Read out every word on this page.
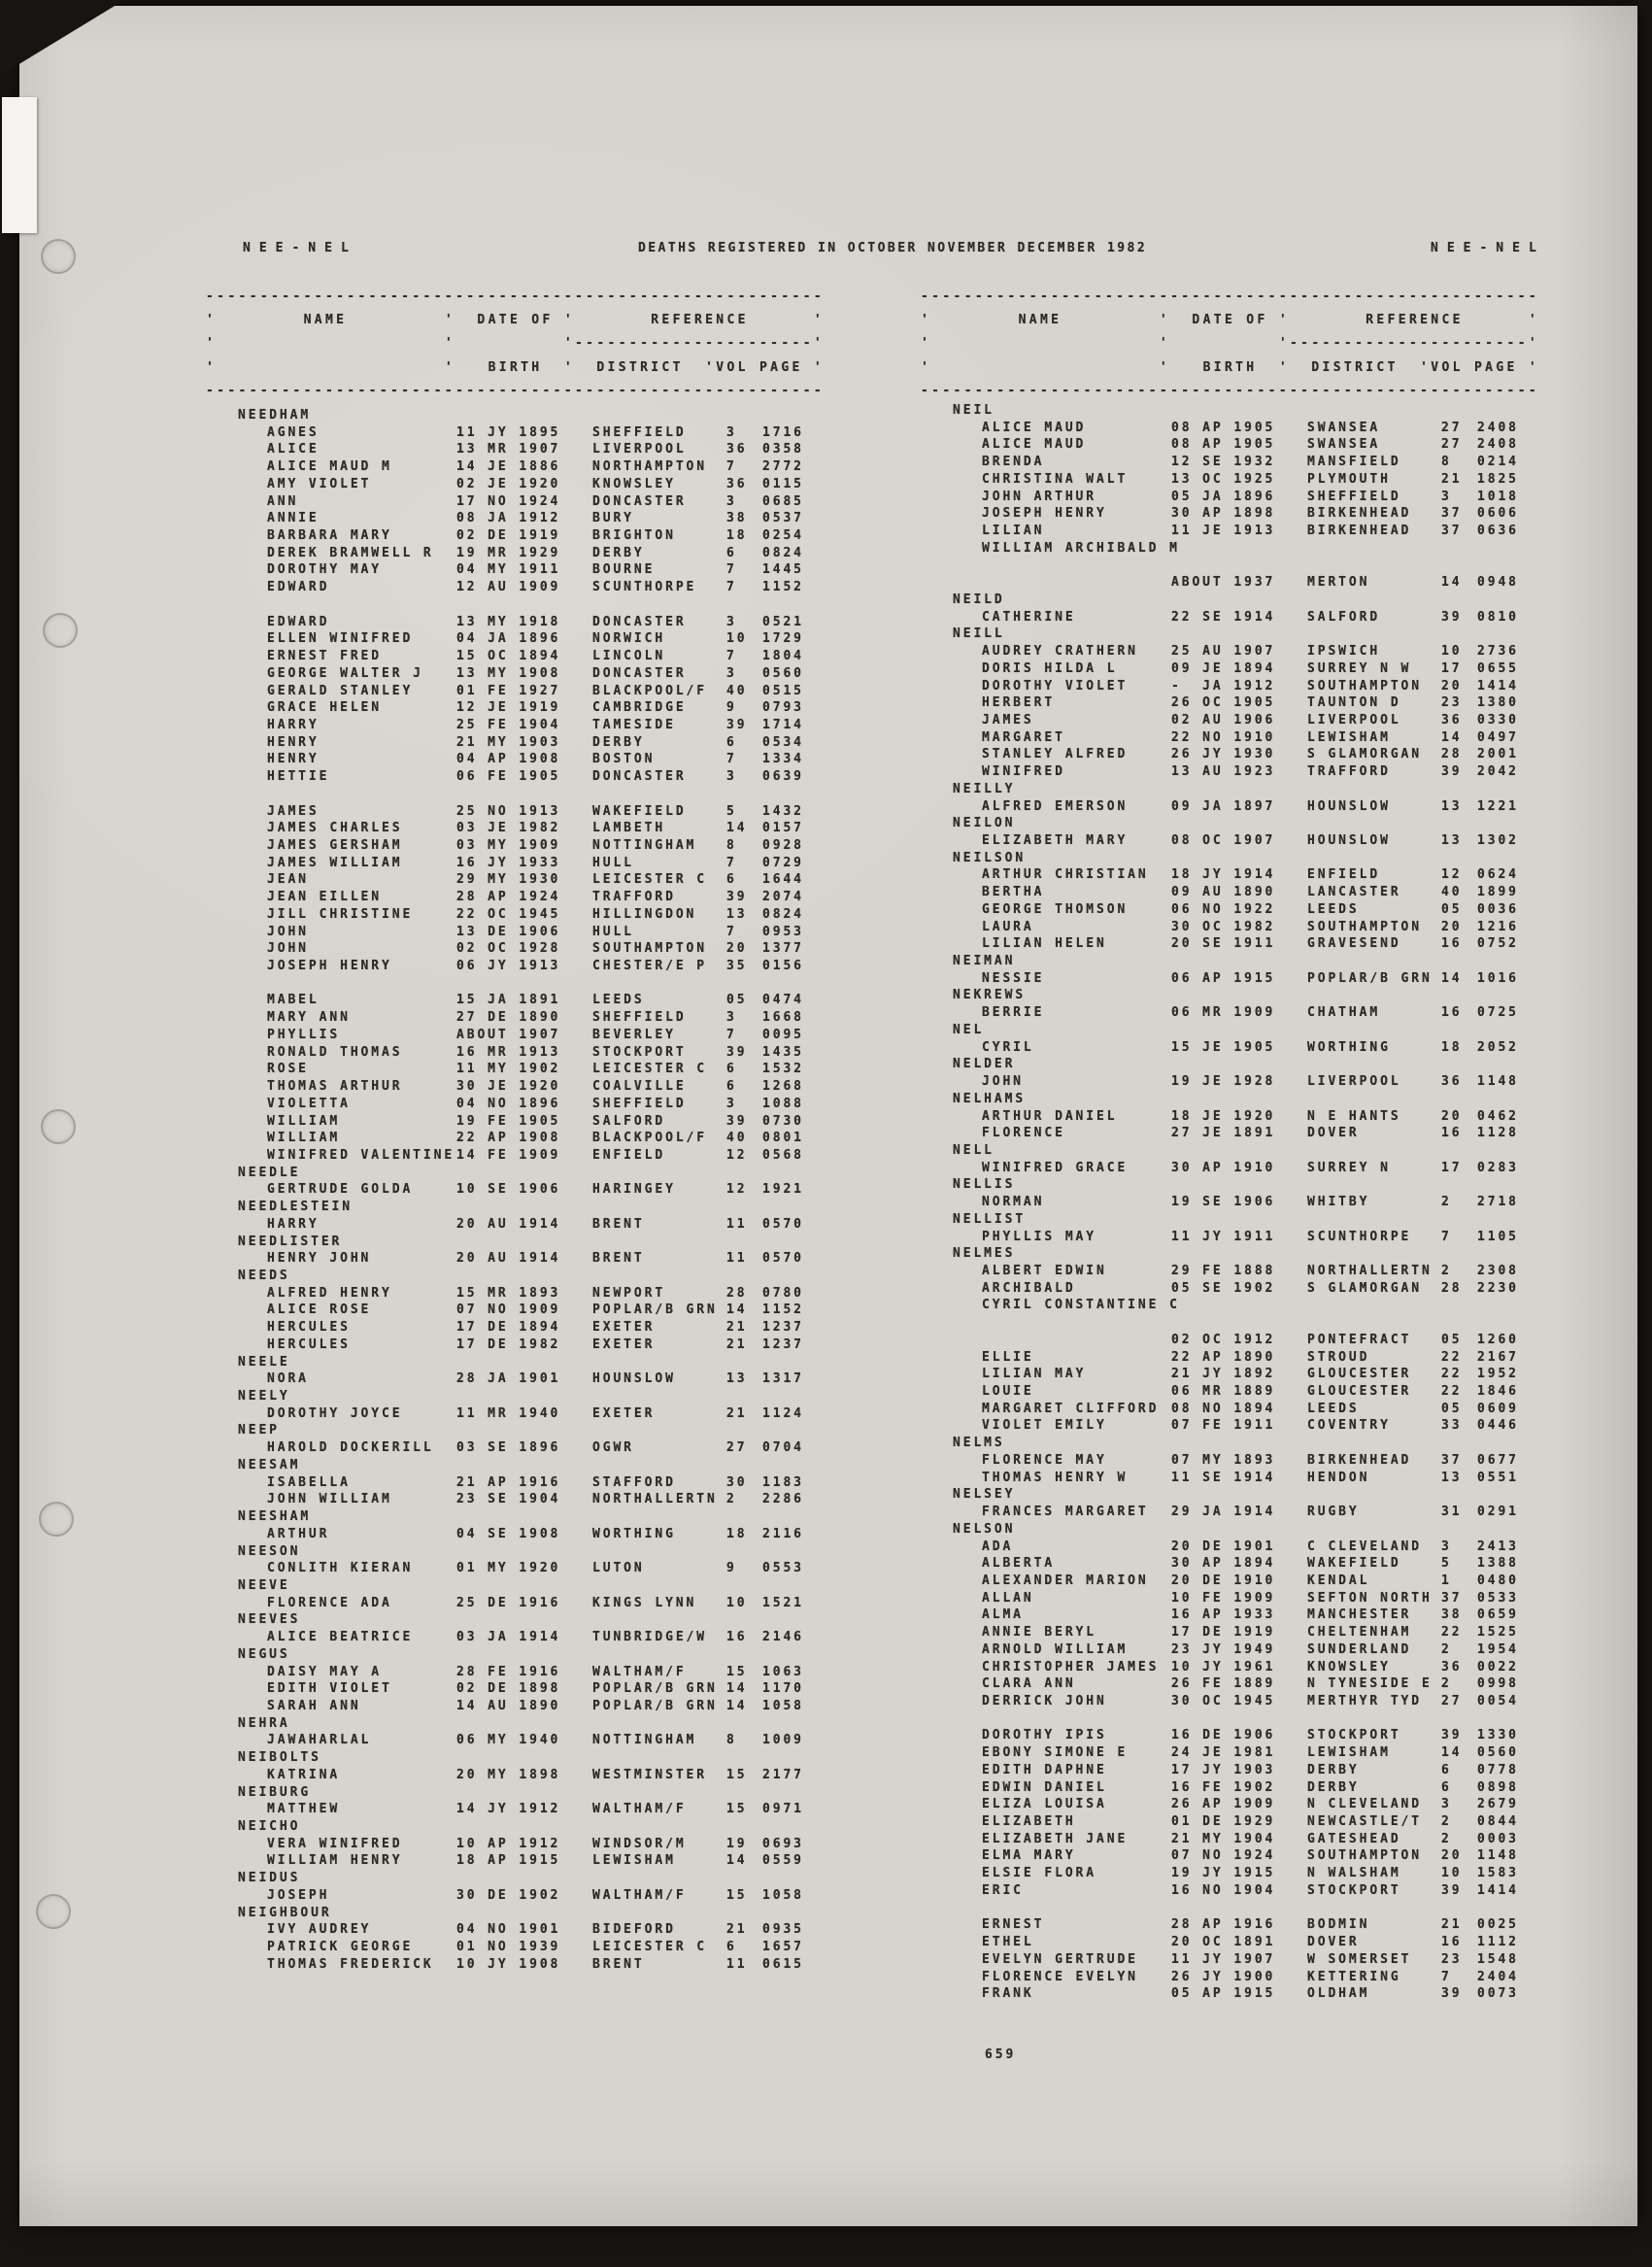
NEE-NEL	DEATHS REGISTERED IN OCTOBER NOVEMBER DECEMBER 1982	NEE-NEL
---------------------------------------------------------
'        NAME         '  DATE OF '       REFERENCE      '
'                     '          '----------------------'
'                     '   BIRTH  '  DISTRICT  'VOL PAGE '
---------------------------------------------------------
---------------------------------------------------------
'        NAME         '  DATE OF '       REFERENCE      '
'                     '          '----------------------'
'                     '   BIRTH  '  DISTRICT  'VOL PAGE '
---------------------------------------------------------
NEEDHAM
AGNES	11 JY 1895	SHEFFIELD	3 1716
ALICE	13 MR 1907	LIVERPOOL	36 0358
ALICE MAUD M	14 JE 1886	NORTHAMPTON 7 2772
AMY VIOLET	02 JE 1920	KNOWSLEY	36 0115
ANN	17 NO 1924	DONCASTER	3 0685
ANNIE	08 JA 1912	BURY	38 0537
BARBARA MARY	02 DE 1919	BRIGHTON	18 0254
DEREK BRAMWELL R 19 MR 1929	DERBY	6 0824
DOROTHY MAY	04 MY 1911	BOURNE	7 1445
EDWARD	12 AU 1909	SCUNTHORPE 7 1152
EDWARD	13 MY 1918	DONCASTER	3 0521
ELLEN WINIFRED	04 JA 1896	NORWICH	10 1729
ERNEST FRED	15 OC 1894	LINCOLN	7 1804
GEORGE WALTER J	13 MY 1908	DONCASTER	3 0560
GERALD STANLEY	01 FE 1927	BLACKPOOL/F 40 0515
GRACE HELEN	12 JE 1919	CAMBRIDGE	9 0793
HARRY	25 FE 1904	TAMESIDE	39 1714
HENRY	21 MY 1903	DERBY	6 0534
HENRY	04 AP 1908	BOSTON	7 1334
HETTIE	06 FE 1905	DONCASTER	3 0639
JAMES	25 NO 1913	WAKEFIELD	5 1432
JAMES CHARLES	03 JE 1982	LAMBETH	14 0157
JAMES GERSHAM	03 MY 1909	NOTTINGHAM 8 0928
JAMES WILLIAM	16 JY 1933	HULL	7 0729
JEAN	29 MY 1930	LEICESTER C 6 1644
JEAN EILLEN	28 AP 1924	TRAFFORD	39 2074
JILL CHRISTINE	22 OC 1945	HILLINGDON 13 0824
JOHN	13 DE 1906	HULL	7 0953
JOHN	02 OC 1928	SOUTHAMPTON 20 1377
JOSEPH HENRY	06 JY 1913	CHESTER/E P 35 0156
MABEL	15 JA 1891	LEEDS	05 0474
MARY ANN	27 DE 1890	SHEFFIELD	3 1668
PHYLLIS	ABOUT 1907	BEVERLEY	7 0095
RONALD THOMAS	16 MR 1913	STOCKPORT	39 1435
ROSE	11 MY 1902	LEICESTER C 6 1532
THOMAS ARTHUR	30 JE 1920	COALVILLE	6 1268
VIOLETTA	04 NO 1896	SHEFFIELD	3 1088
WILLIAM	19 FE 1905	SALFORD	39 0730
WILLIAM	22 AP 1908	BLACKPOOL/F 40 0801
WINIFRED VALENTINE 14 FE 1909	ENFIELD	12 0568
NEEDLE
GERTRUDE GOLDA	10 SE 1906	HARINGEY	12 1921
NEEDLESTEIN
HARRY	20 AU 1914	BRENT	11 0570
NEEDLISTER
HENRY JOHN	20 AU 1914	BRENT	11 0570
NEEDS
ALFRED HENRY	15 MR 1893	NEWPORT	28 0780
ALICE ROSE	07 NO 1909	POPLAR/B GRN 14 1152
HERCULES	17 DE 1894	EXETER	21 1237
HERCULES	17 DE 1982	EXETER	21 1237
NEELE
NORA	28 JA 1901	HOUNSLOW	13 1317
NEELY
DOROTHY JOYCE	11 MR 1940	EXETER	21 1124
NEEP
HAROLD DOCKERILL 03 SE 1896	OGWR	27 0704
NEESAM
ISABELLA	21 AP 1916	STAFFORD	30 1183
JOHN WILLIAM	23 SE 1904	NORTHALLERTN 2 2286
NEESHAM
ARTHUR	04 SE 1908	WORTHING	18 2116
NEESON
CONLITH KIERAN	01 MY 1920	LUTON	9 0553
NEEVE
FLORENCE ADA	25 DE 1916	KINGS LYNN 10 1521
NEEVES
ALICE BEATRICE	03 JA 1914	TUNBRIDGE/W 16 2146
NEGUS
DAISY MAY A	28 FE 1916	WALTHAM/F	15 1063
EDITH VIOLET	02 DE 1898	POPLAR/B GRN 14 1170
SARAH ANN	14 AU 1890	POPLAR/B GRN 14 1058
NEHRA
JAWAHARLAL	06 MY 1940	NOTTINGHAM 8 1009
NEIBOLTS
KATRINA	20 MY 1898	WESTMINSTER 15 2177
NEIBURG
MATTHEW	14 JY 1912	WALTHAM/F	15 0971
NEICHO
VERA WINIFRED	10 AP 1912	WINDSOR/M	19 0693
WILLIAM HENRY	18 AP 1915	LEWISHAM	14 0559
NEIDUS
JOSEPH	30 DE 1902	WALTHAM/F	15 1058
NEIGHBOUR
IVY AUDREY	04 NO 1901	BIDEFORD	21 0935
PATRICK GEORGE	01 NO 1939	LEICESTER C 6 1657
THOMAS FREDERICK 10 JY 1908	BRENT	11 0615
NEIL
ALICE MAUD	08 AP 1905	SWANSEA	27 2408
ALICE MAUD	08 AP 1905	SWANSEA	27 2408
BRENDA	12 SE 1932	MANSFIELD	8 0214
CHRISTINA WALT	13 OC 1925	PLYMOUTH	21 1825
JOHN ARTHUR	05 JA 1896	SHEFFIELD	3 1018
JOSEPH HENRY	30 AP 1898	BIRKENHEAD 37 0606
LILIAN	11 JE 1913	BIRKENHEAD 37 0636
WILLIAM ARCHIBALD M
ABOUT 1937	MERTON	14 0948
NEILD
CATHERINE	22 SE 1914	SALFORD	39 0810
NEILL
AUDREY CRATHERN	25 AU 1907	IPSWICH	10 2736
DORIS HILDA L	09 JE 1894	SURREY N W 17 0655
DOROTHY VIOLET	-  JA 1912	SOUTHAMPTON 20 1414
HERBERT	26 OC 1905	TAUNTON D	23 1380
JAMES	02 AU 1906	LIVERPOOL	36 0330
MARGARET	22 NO 1910	LEWISHAM	14 0497
STANLEY ALFRED	26 JY 1930	S GLAMORGAN 28 2001
WINIFRED	13 AU 1923	TRAFFORD	39 2042
NEILLY
ALFRED EMERSON	09 JA 1897	HOUNSLOW	13 1221
NEILON
ELIZABETH MARY	08 OC 1907	HOUNSLOW	13 1302
NEILSON
ARTHUR CHRISTIAN 18 JY 1914	ENFIELD	12 0624
BERTHA	09 AU 1890	LANCASTER	40 1899
GEORGE THOMSON	06 NO 1922	LEEDS	05 0036
LAURA	30 OC 1982	SOUTHAMPTON 20 1216
LILIAN HELEN	20 SE 1911	GRAVESEND	16 0752
NEIMAN
NESSIE	06 AP 1915	POPLAR/B GRN 14 1016
NEKREWS
BERRIE	06 MR 1909	CHATHAM	16 0725
NEL
CYRIL	15 JE 1905	WORTHING	18 2052
NELDER
JOHN	19 JE 1928	LIVERPOOL	36 1148
NELHAMS
ARTHUR DANIEL	18 JE 1920	N E HANTS	20 0462
FLORENCE	27 JE 1891	DOVER	16 1128
NELL
WINIFRED GRACE	30 AP 1910	SURREY N	17 0283
NELLIS
NORMAN	19 SE 1906	WHITBY	2 2718
NELLIST
PHYLLIS MAY	11 JY 1911	SCUNTHORPE 7 1105
NELMES
ALBERT EDWIN	29 FE 1888	NORTHALLERTN 2 2308
ARCHIBALD	05 SE 1902	S GLAMORGAN 28 2230
CYRIL CONSTANTINE C
02 OC 1912	PONTEFRACT 05 1260
ELLIE	22 AP 1890	STROUD	22 2167
LILIAN MAY	21 JY 1892	GLOUCESTER 22 1952
LOUIE	06 MR 1889	GLOUCESTER 22 1846
MARGARET CLIFFORD 08 NO 1894	LEEDS	05 0609
VIOLET EMILY	07 FE 1911	COVENTRY	33 0446
NELMS
FLORENCE MAY	07 MY 1893	BIRKENHEAD 37 0677
THOMAS HENRY W	11 SE 1914	HENDON	13 0551
NELSEY
FRANCES MARGARET 29 JA 1914	RUGBY	31 0291
NELSON
ADA	20 DE 1901	C CLEVELAND 3 2413
ALBERTA	30 AP 1894	WAKEFIELD	5 1388
ALEXANDER MARION 20 DE 1910	KENDAL	1 0480
ALLAN	10 FE 1909	SEFTON NORTH 37 0533
ALMA	16 AP 1933	MANCHESTER 38 0659
ANNIE BERYL	17 DE 1919	CHELTENHAM 22 1525
ARNOLD WILLIAM	23 JY 1949	SUNDERLAND 2 1954
CHRISTOPHER JAMES 10 JY 1961	KNOWSLEY	36 0022
CLARA ANN	26 FE 1889	N TYNESIDE E 2 0998
DERRICK JOHN	30 OC 1945	MERTHYR TYD 27 0054
DOROTHY IPIS	16 DE 1906	STOCKPORT	39 1330
EBONY SIMONE E	24 JE 1981	LEWISHAM	14 0560
EDITH DAPHNE	17 JY 1903	DERBY	6 0778
EDWIN DANIEL	16 FE 1902	DERBY	6 0898
ELIZA LOUISA	26 AP 1909	N CLEVELAND 3 2679
ELIZABETH	01 DE 1929	NEWCASTLE/T 2 0844
ELIZABETH JANE	21 MY 1904	GATESHEAD	2 0003
ELMA MARY	07 NO 1924	SOUTHAMPTON 20 1148
ELSIE FLORA	19 JY 1915	N WALSHAM	10 1583
ERIC	16 NO 1904	STOCKPORT	39 1414
ERNEST	28 AP 1916	BODMIN	21 0025
ETHEL	20 OC 1891	DOVER	16 1112
EVELYN GERTRUDE	11 JY 1907	W SOMERSET 23 1548
FLORENCE EVELYN	26 JY 1900	KETTERING	7 2404
FRANK	05 AP 1915	OLDHAM	39 0073
659
